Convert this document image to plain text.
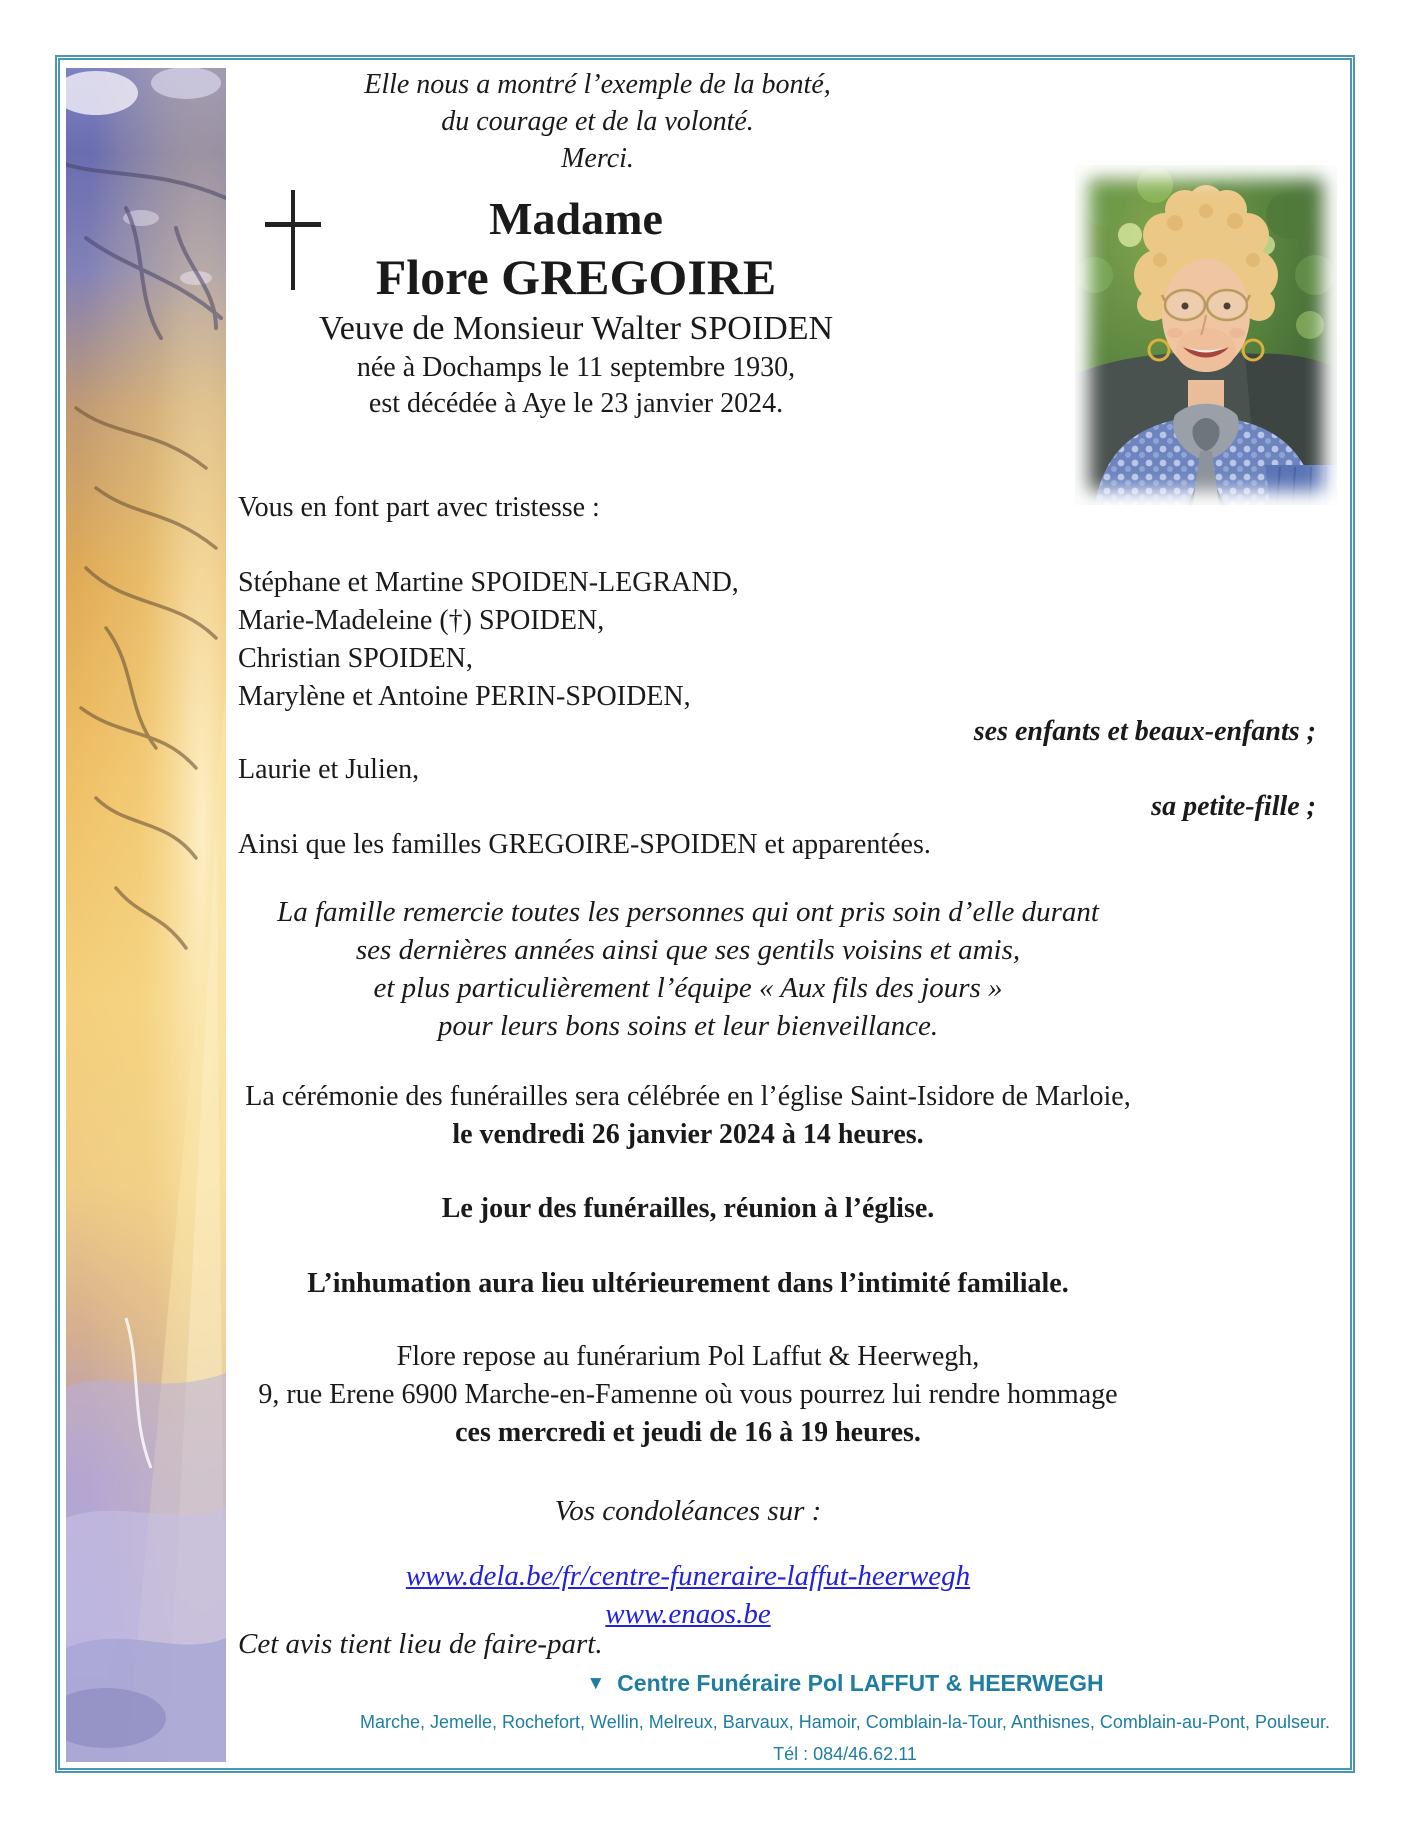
Elle nous a montré l’exemple de la bonté,
du courage et de la volonté.
Merci.
Madame
Flore GREGOIRE
Veuve de Monsieur Walter SPOIDEN
née à Dochamps le 11 septembre 1930,
est décédée à Aye le 23 janvier 2024.
Vous en font part avec tristesse :
Stéphane et Martine SPOIDEN-LEGRAND,
Marie-Madeleine (†) SPOIDEN,
Christian SPOIDEN,
Marylène et Antoine PERIN-SPOIDEN,
ses enfants et beaux-enfants ;
Laurie et Julien,
sa petite-fille ;
Ainsi que les familles GREGOIRE-SPOIDEN et apparentées.
La famille remercie toutes les personnes qui ont pris soin d’elle durant
ses dernières années ainsi que ses gentils voisins et amis,
et plus particulièrement l’équipe « Aux fils des jours »
pour leurs bons soins et leur bienveillance.
La cérémonie des funérailles sera célébrée en l’église Saint-Isidore de Marloie,
le vendredi 26 janvier 2024 à 14 heures.
Le jour des funérailles, réunion à l’église.
L’inhumation aura lieu ultérieurement dans l’intimité familiale.
Flore repose au funérarium Pol Laffut & Heerwegh,
9, rue Erene 6900 Marche-en-Famenne où vous pourrez lui rendre hommage
ces mercredi et jeudi de 16 à 19 heures.
Vos condoléances sur :
www.dela.be/fr/centre-funeraire-laffut-heerwegh
www.enaos.be
Cet avis tient lieu de faire-part.
▼ Centre Funéraire Pol LAFFUT & HEERWEGH
Marche, Jemelle, Rochefort, Wellin, Melreux, Barvaux, Hamoir, Comblain-la-Tour, Anthisnes, Comblain-au-Pont, Poulseur.
Tél : 084/46.62.11
